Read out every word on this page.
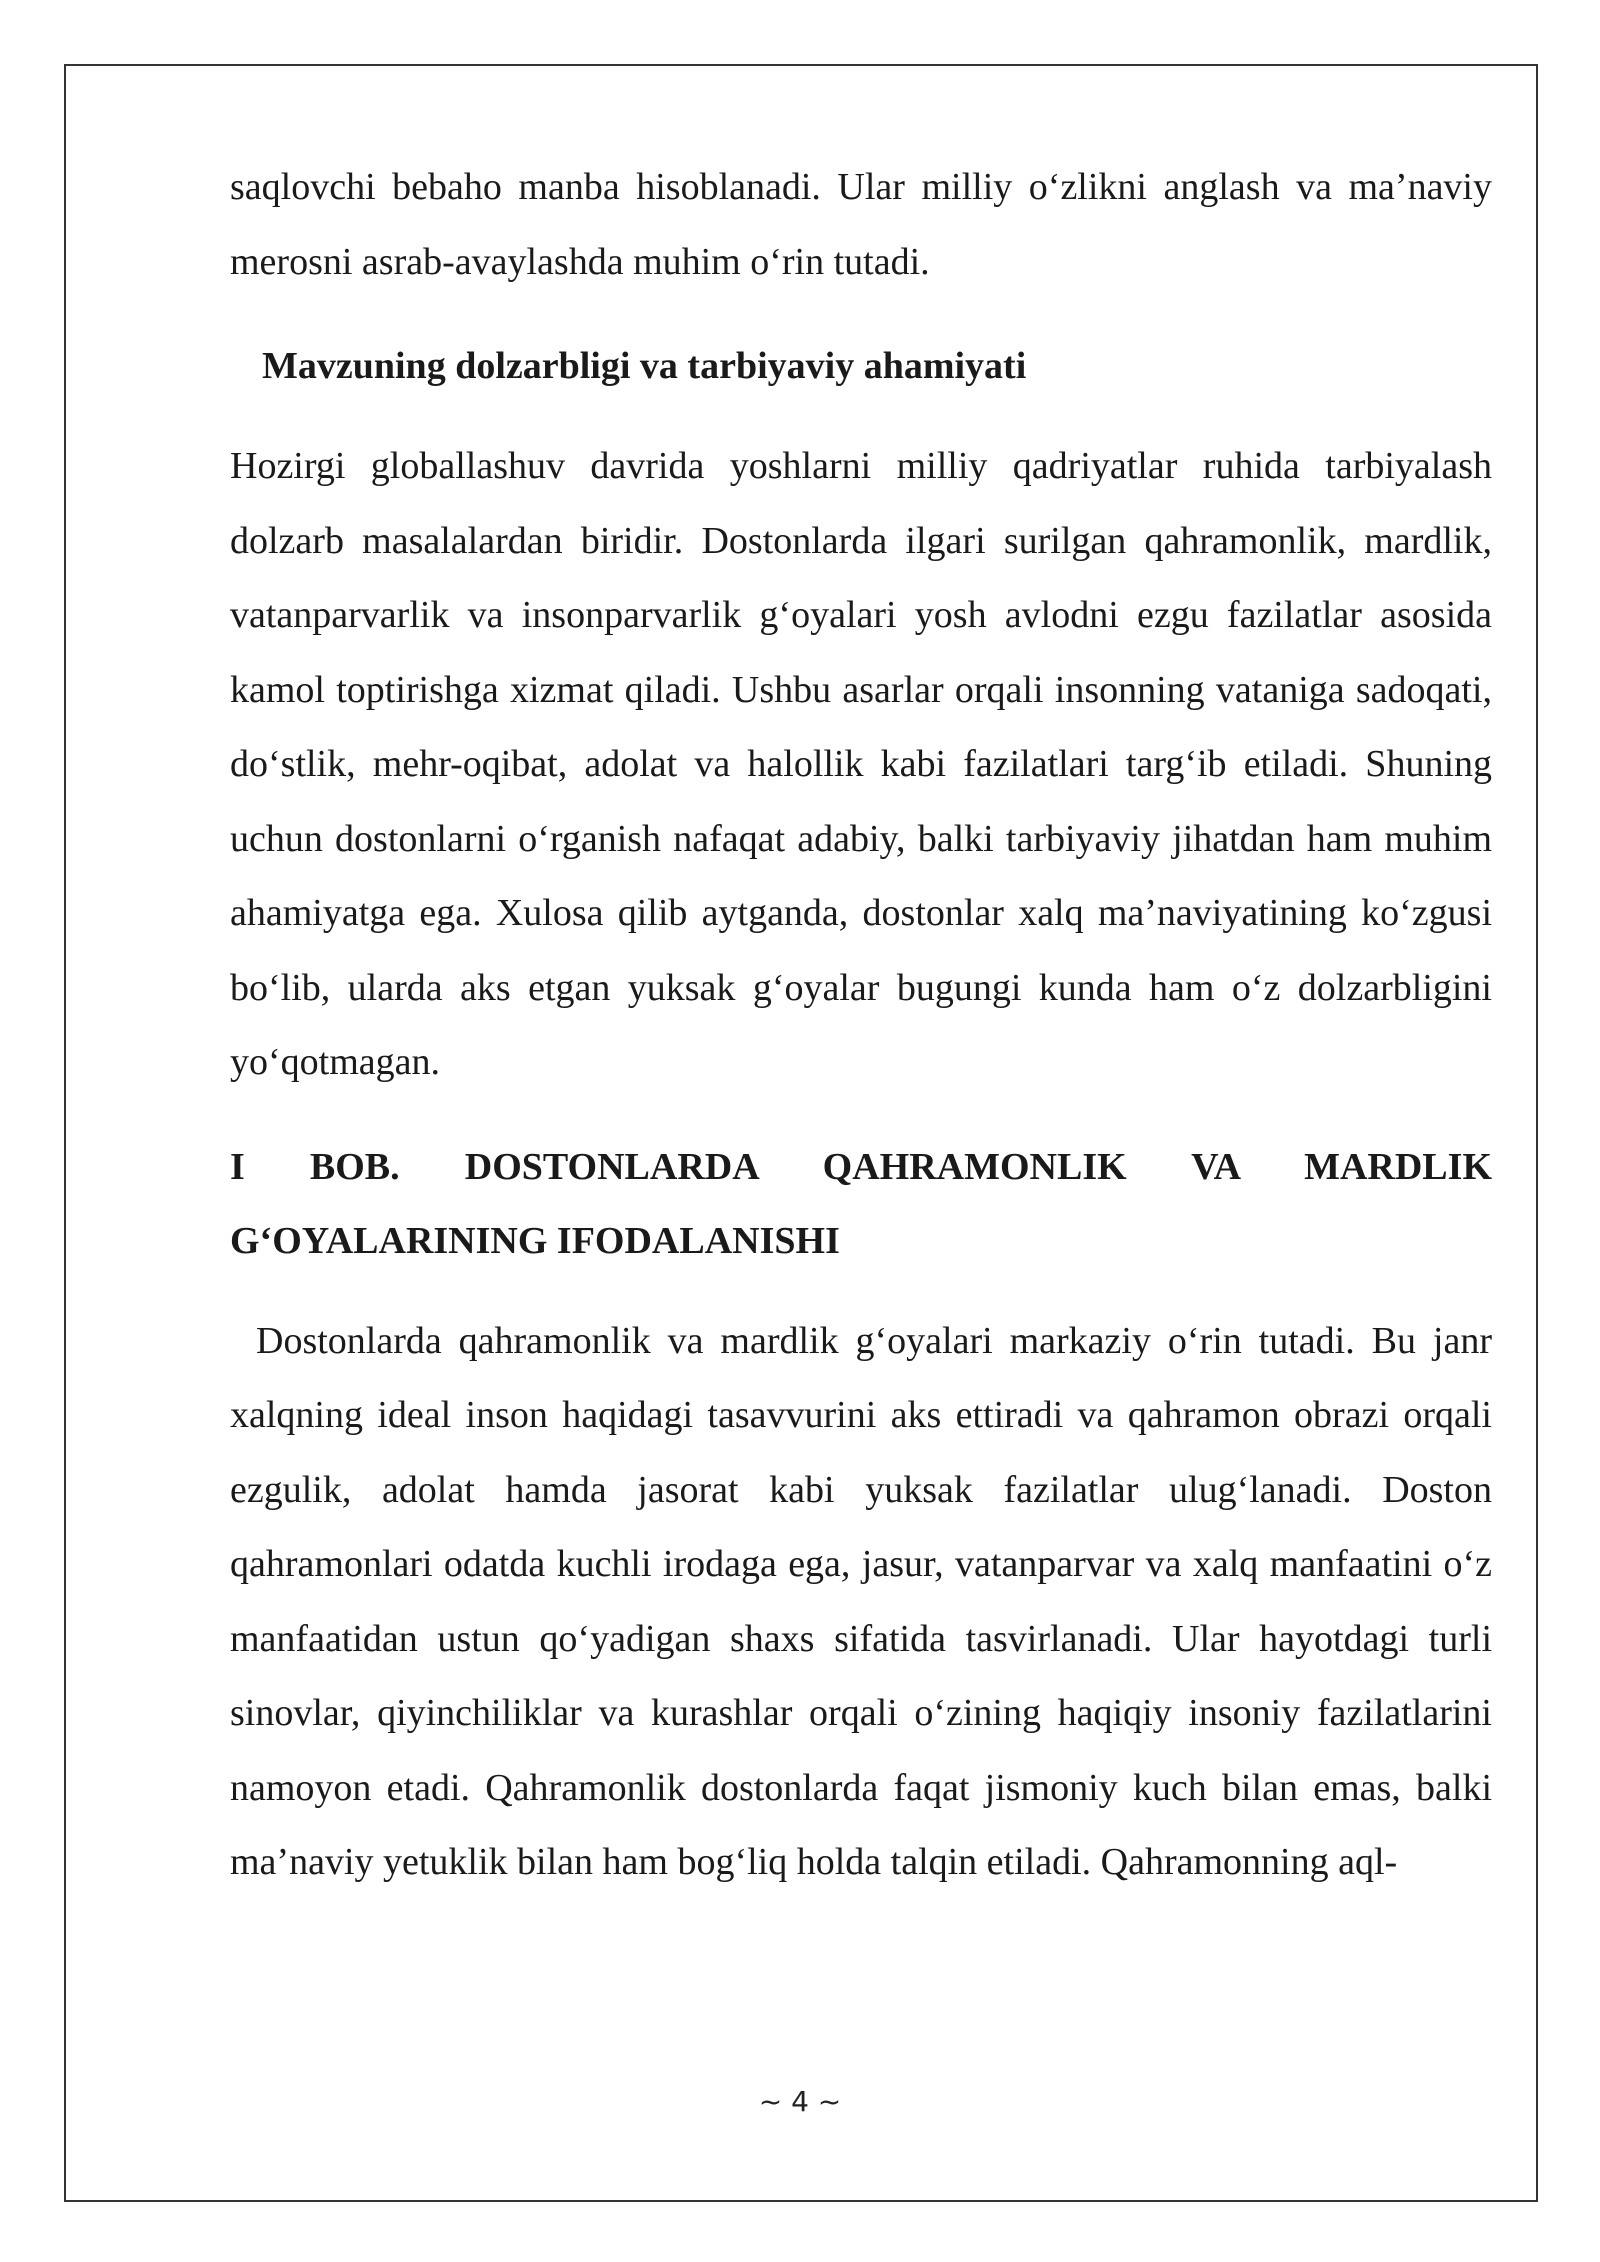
saqlovchi bebaho manba hisoblanadi. Ular milliy o‘zlikni anglash va ma’naviy merosni asrab-avaylashda muhim o‘rin tutadi.

Mavzuning dolzarbligi va tarbiyaviy ahamiyati

Hozirgi globallashuv davrida yoshlarni milliy qadriyatlar ruhida tarbiyalash dolzarb masalalardan biridir. Dostonlarda ilgari surilgan qahramonlik, mardlik, vatanparvarlik va insonparvarlik g‘oyalari yosh avlodni ezgu fazilatlar asosida kamol toptirishga xizmat qiladi. Ushbu asarlar orqali insonning vataniga sadoqati, do‘stlik, mehr-oqibat, adolat va halollik kabi fazilatlari targ‘ib etiladi. Shuning uchun dostonlarni o‘rganish nafaqat adabiy, balki tarbiyaviy jihatdan ham muhim ahamiyatga ega. Xulosa qilib aytganda, dostonlar xalq ma’naviyatining ko‘zgusi bo‘lib, ularda aks etgan yuksak g‘oyalar bugungi kunda ham o‘z dolzarbligini yo‘qotmagan.

I BOB. DOSTONLARDA QAHRAMONLIK VA MARDLIK G‘OYALARINING IFODALANISHI

Dostonlarda qahramonlik va mardlik g‘oyalari markaziy o‘rin tutadi. Bu janr xalqning ideal inson haqidagi tasavvurini aks ettiradi va qahramon obrazi orqali ezgulik, adolat hamda jasorat kabi yuksak fazilatlar ulug‘lanadi. Doston qahramonlari odatda kuchli irodaga ega, jasur, vatanparvar va xalq manfaatini o‘z manfaatidan ustun qo‘yadigan shaxs sifatida tasvirlanadi. Ular hayotdagi turli sinovlar, qiyinchiliklar va kurashlar orqali o‘zining haqiqiy insoniy fazilatlarini namoyon etadi. Qahramonlik dostonlarda faqat jismoniy kuch bilan emas, balki ma’naviy yetuklik bilan ham bog‘liq holda talqin etiladi. Qahramonning aql-

~ 4 ~
